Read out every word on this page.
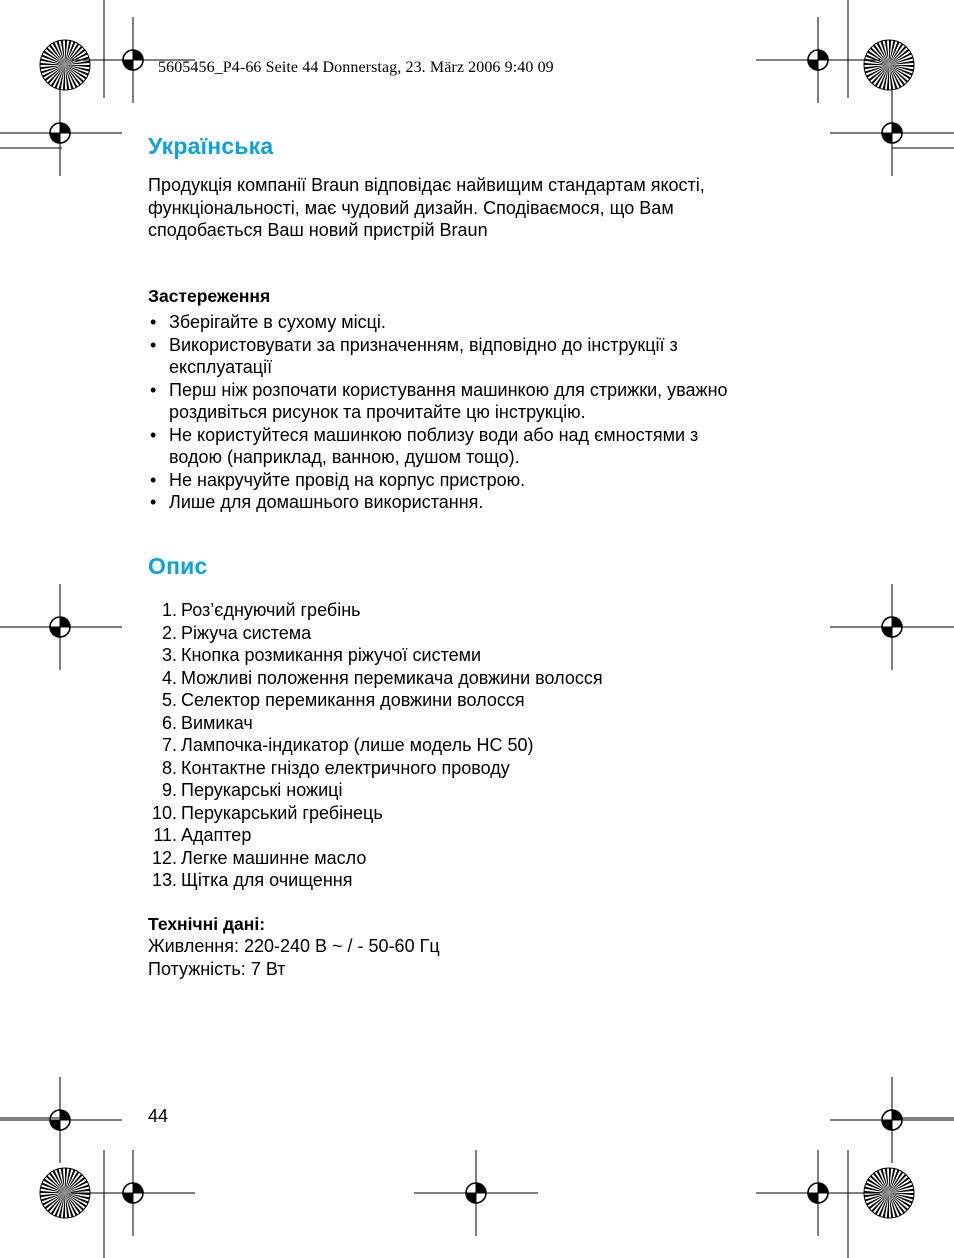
5605456_P4-66 Seite 44 Donnerstag, 23. März 2006 9:40 09
Українська

Продукція компанії Braun відповідає найвищим стандартам якості,
функціональності, має чудовий дизайн. Сподіваємося, що Вам
сподобається Ваш новий пристрій Braun

Застереження
• Зберігайте в сухому місці.
• Використовувати за призначенням, відповідно до інструкції з
експлуатації
• Перш ніж розпочати користування машинкою для стрижки, уважно
роздивіться рисунок та прочитайте цю інструкцію.
• Не користуйтеся машинкою поблизу води або над ємностями з
водою (наприклад, ванною, душом тощо).
• Не накручуйте провід на корпус пристрою.
• Лише для домашнього використання.
Опис
1. Роз’єднуючий гребінь
2. Ріжуча система
3. Кнопка розмикання ріжучої системи
4. Можливі положення перемикача довжини волосся
5. Селектор перемикання довжини волосся
6. Вимикач
7. Лампочка-індикатор (лише модель HC 50)
8. Контактне гніздо електричного проводу
9. Перукарські ножиці
10. Перукарський гребінець
11. Адаптер
12. Легке машинне масло
13. Щітка для очищення
Технічні дані:

Живлення: 220-240 В ~ / - 50-60 Гц
Потужність: 7 Вт

44
